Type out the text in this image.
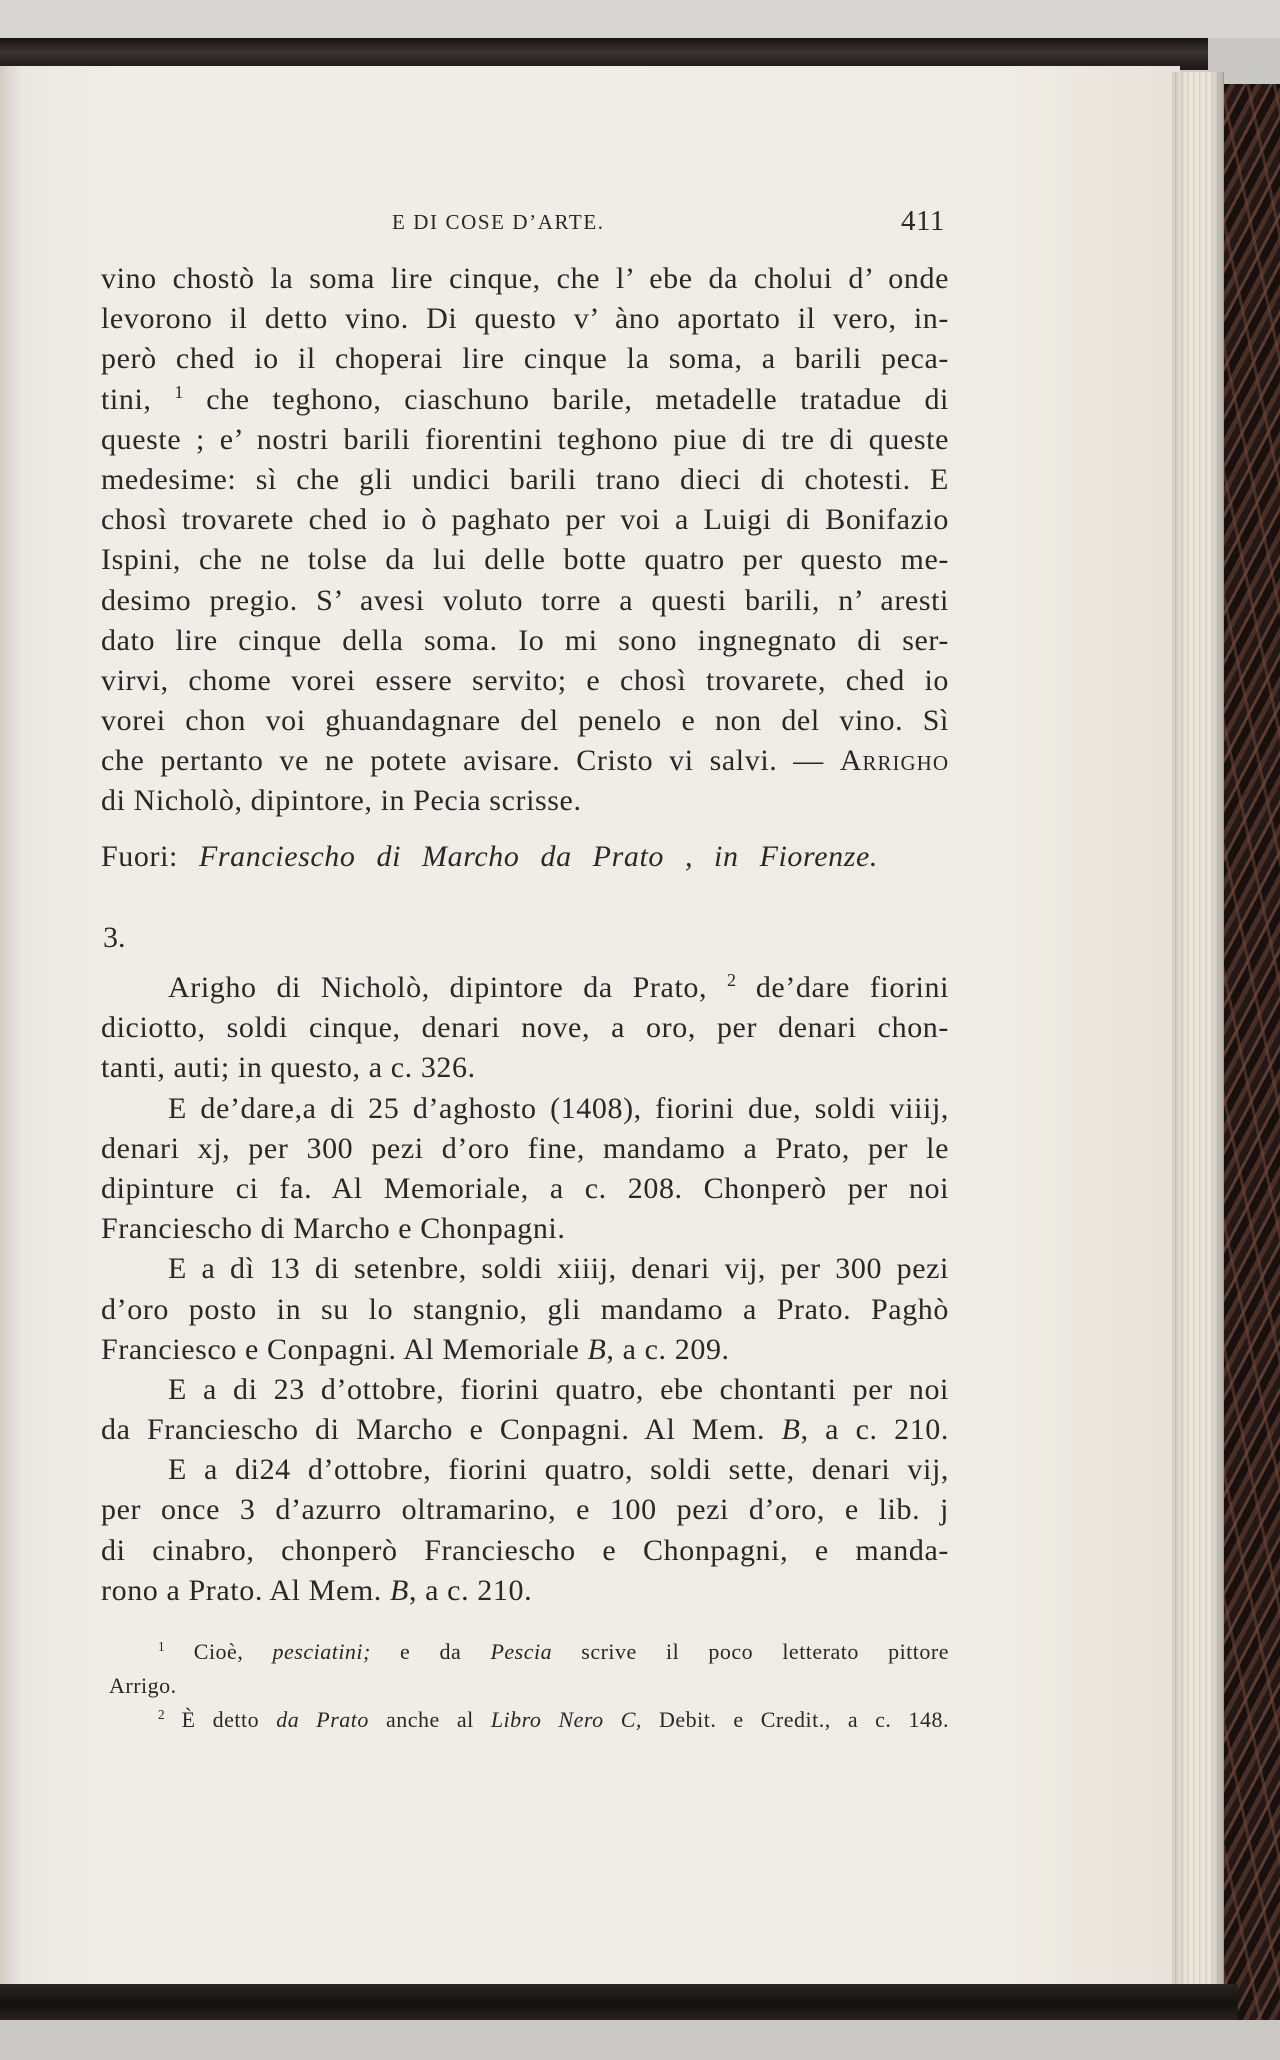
E DI COSE D’ARTE.	411
vino chostò la soma lire cinque, che l’ ebe da cholui d’ onde
levorono il detto vino. Di questo v’ àno aportato il vero, in-
però ched io il choperai lire cinque la soma, a barili peca-
tini, $^1$ che teghono, ciaschuno barile, metadelle tratadue di
queste ; e’ nostri barili fiorentini teghono piue di tre di queste
medesime: sì che gli undici barili trano dieci di chotesti. E
chosì trovarete ched io ò paghato per voi a Luigi di Bonifazio
Ispini, che ne tolse da lui delle botte quatro per questo me-
desimo pregio. S’ avesi voluto torre a questi barili, n’ aresti
dato lire cinque della soma. Io mi sono ingnegnato di ser-
virvi, chome vorei essere servito; e chosì trovarete, ched io
vorei chon voi ghuandagnare del penelo e non del vino. Sì
che pertanto ve ne potete avisare. Cristo vi salvi. — Arrigho
di Nicholò, dipintore, in Pecia scrisse.
Fuori: Franciescho di Marcho da Prato , in Fiorenze.
3.
Arigho di Nicholò, dipintore da Prato, $^2$ de’dare fiorini
diciotto, soldi cinque, denari nove, a oro, per denari chon-
tanti, auti; in questo, a c. 326.
E de’dare,a di 25 d’aghosto (1408), fiorini due, soldi viiij,
denari xj, per 300 pezi d’oro fine, mandamo a Prato, per le
dipinture ci fa. Al Memoriale, a c. 208. Chonperò per noi
Franciescho di Marcho e Chonpagni.
E a dì 13 di setenbre, soldi xiiij, denari vij, per 300 pezi
d’oro posto in su lo stangnio, gli mandamo a Prato. Paghò
Franciesco e Conpagni. Al Memoriale B, a c. 209.
E a di 23 d’ottobre, fiorini quatro, ebe chontanti per noi
da Franciescho di Marcho e Conpagni. Al Mem. B, a c. 210.
E a di24 d’ottobre, fiorini quatro, soldi sette, denari vij,
per once 3 d’azurro oltramarino, e 100 pezi d’oro, e lib. j
di cinabro, chonperò Franciescho e Chonpagni, e manda-
rono a Prato. Al Mem. B, a c. 210.
$^1$ Cioè, pesciatini; e da Pescia scrive il poco letterato pittore
Arrigo.
$^2$ È detto da Prato anche al Libro Nero C, Debit. e Credit., a c. 148.
